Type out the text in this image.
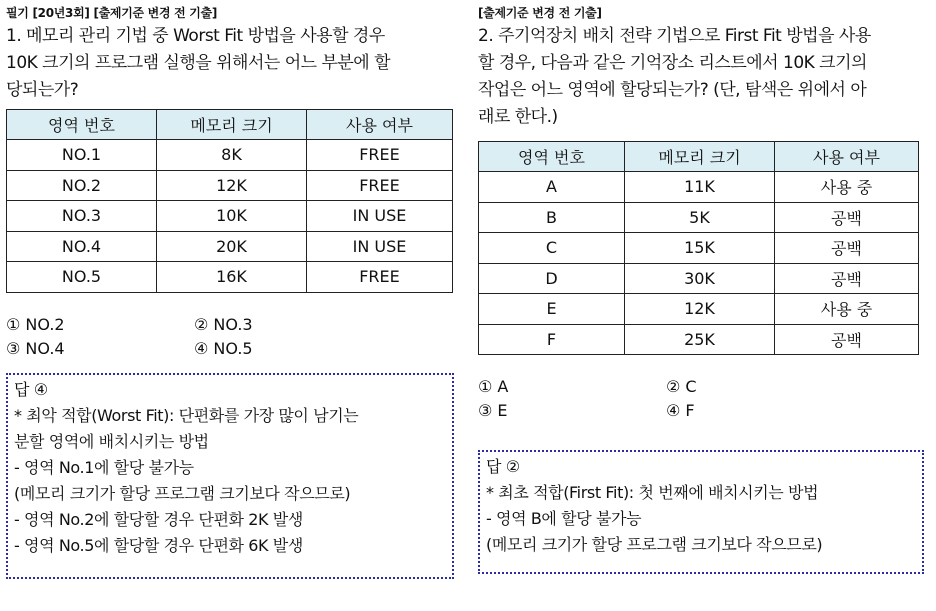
필기 [20년3회] [출제기준 변경 전 기출]
1. 메모리 관리 기법 중 Worst Fit 방법을 사용할 경우
10K 크기의 프로그램 실행을 위해서는 어느 부분에 할
당되는가?
영역 번호	메모리 크기	사용 여부
NO.1	8K	FREE
NO.2	12K	FREE
NO.3	10K	IN USE
NO.4	20K	IN USE
NO.5	16K	FREE
① NO.2	② NO.3
③ NO.4	④ NO.5
답 ④
* 최악 적합(Worst Fit): 단편화를 가장 많이 남기는
분할 영역에 배치시키는 방법
- 영역 No.1에 할당 불가능
(메모리 크기가 할당 프로그램 크기보다 작으므로)
- 영역 No.2에 할당할 경우 단편화 2K 발생
- 영역 No.5에 할당할 경우 단편화 6K 발생
[출제기준 변경 전 기출]
2. 주기억장치 배치 전략 기법으로 First Fit 방법을 사용
할 경우, 다음과 같은 기억장소 리스트에서 10K 크기의
작업은 어느 영역에 할당되는가? (단, 탐색은 위에서 아
래로 한다.)
영역 번호	메모리 크기	사용 여부
A	11K	사용 중
B	5K	공백
C	15K	공백
D	30K	공백
E	12K	사용 중
F	25K	공백
① A	② C
③ E	④ F
답 ②
* 최초 적합(First Fit): 첫 번째에 배치시키는 방법
- 영역 B에 할당 불가능
(메모리 크기가 할당 프로그램 크기보다 작으므로)
